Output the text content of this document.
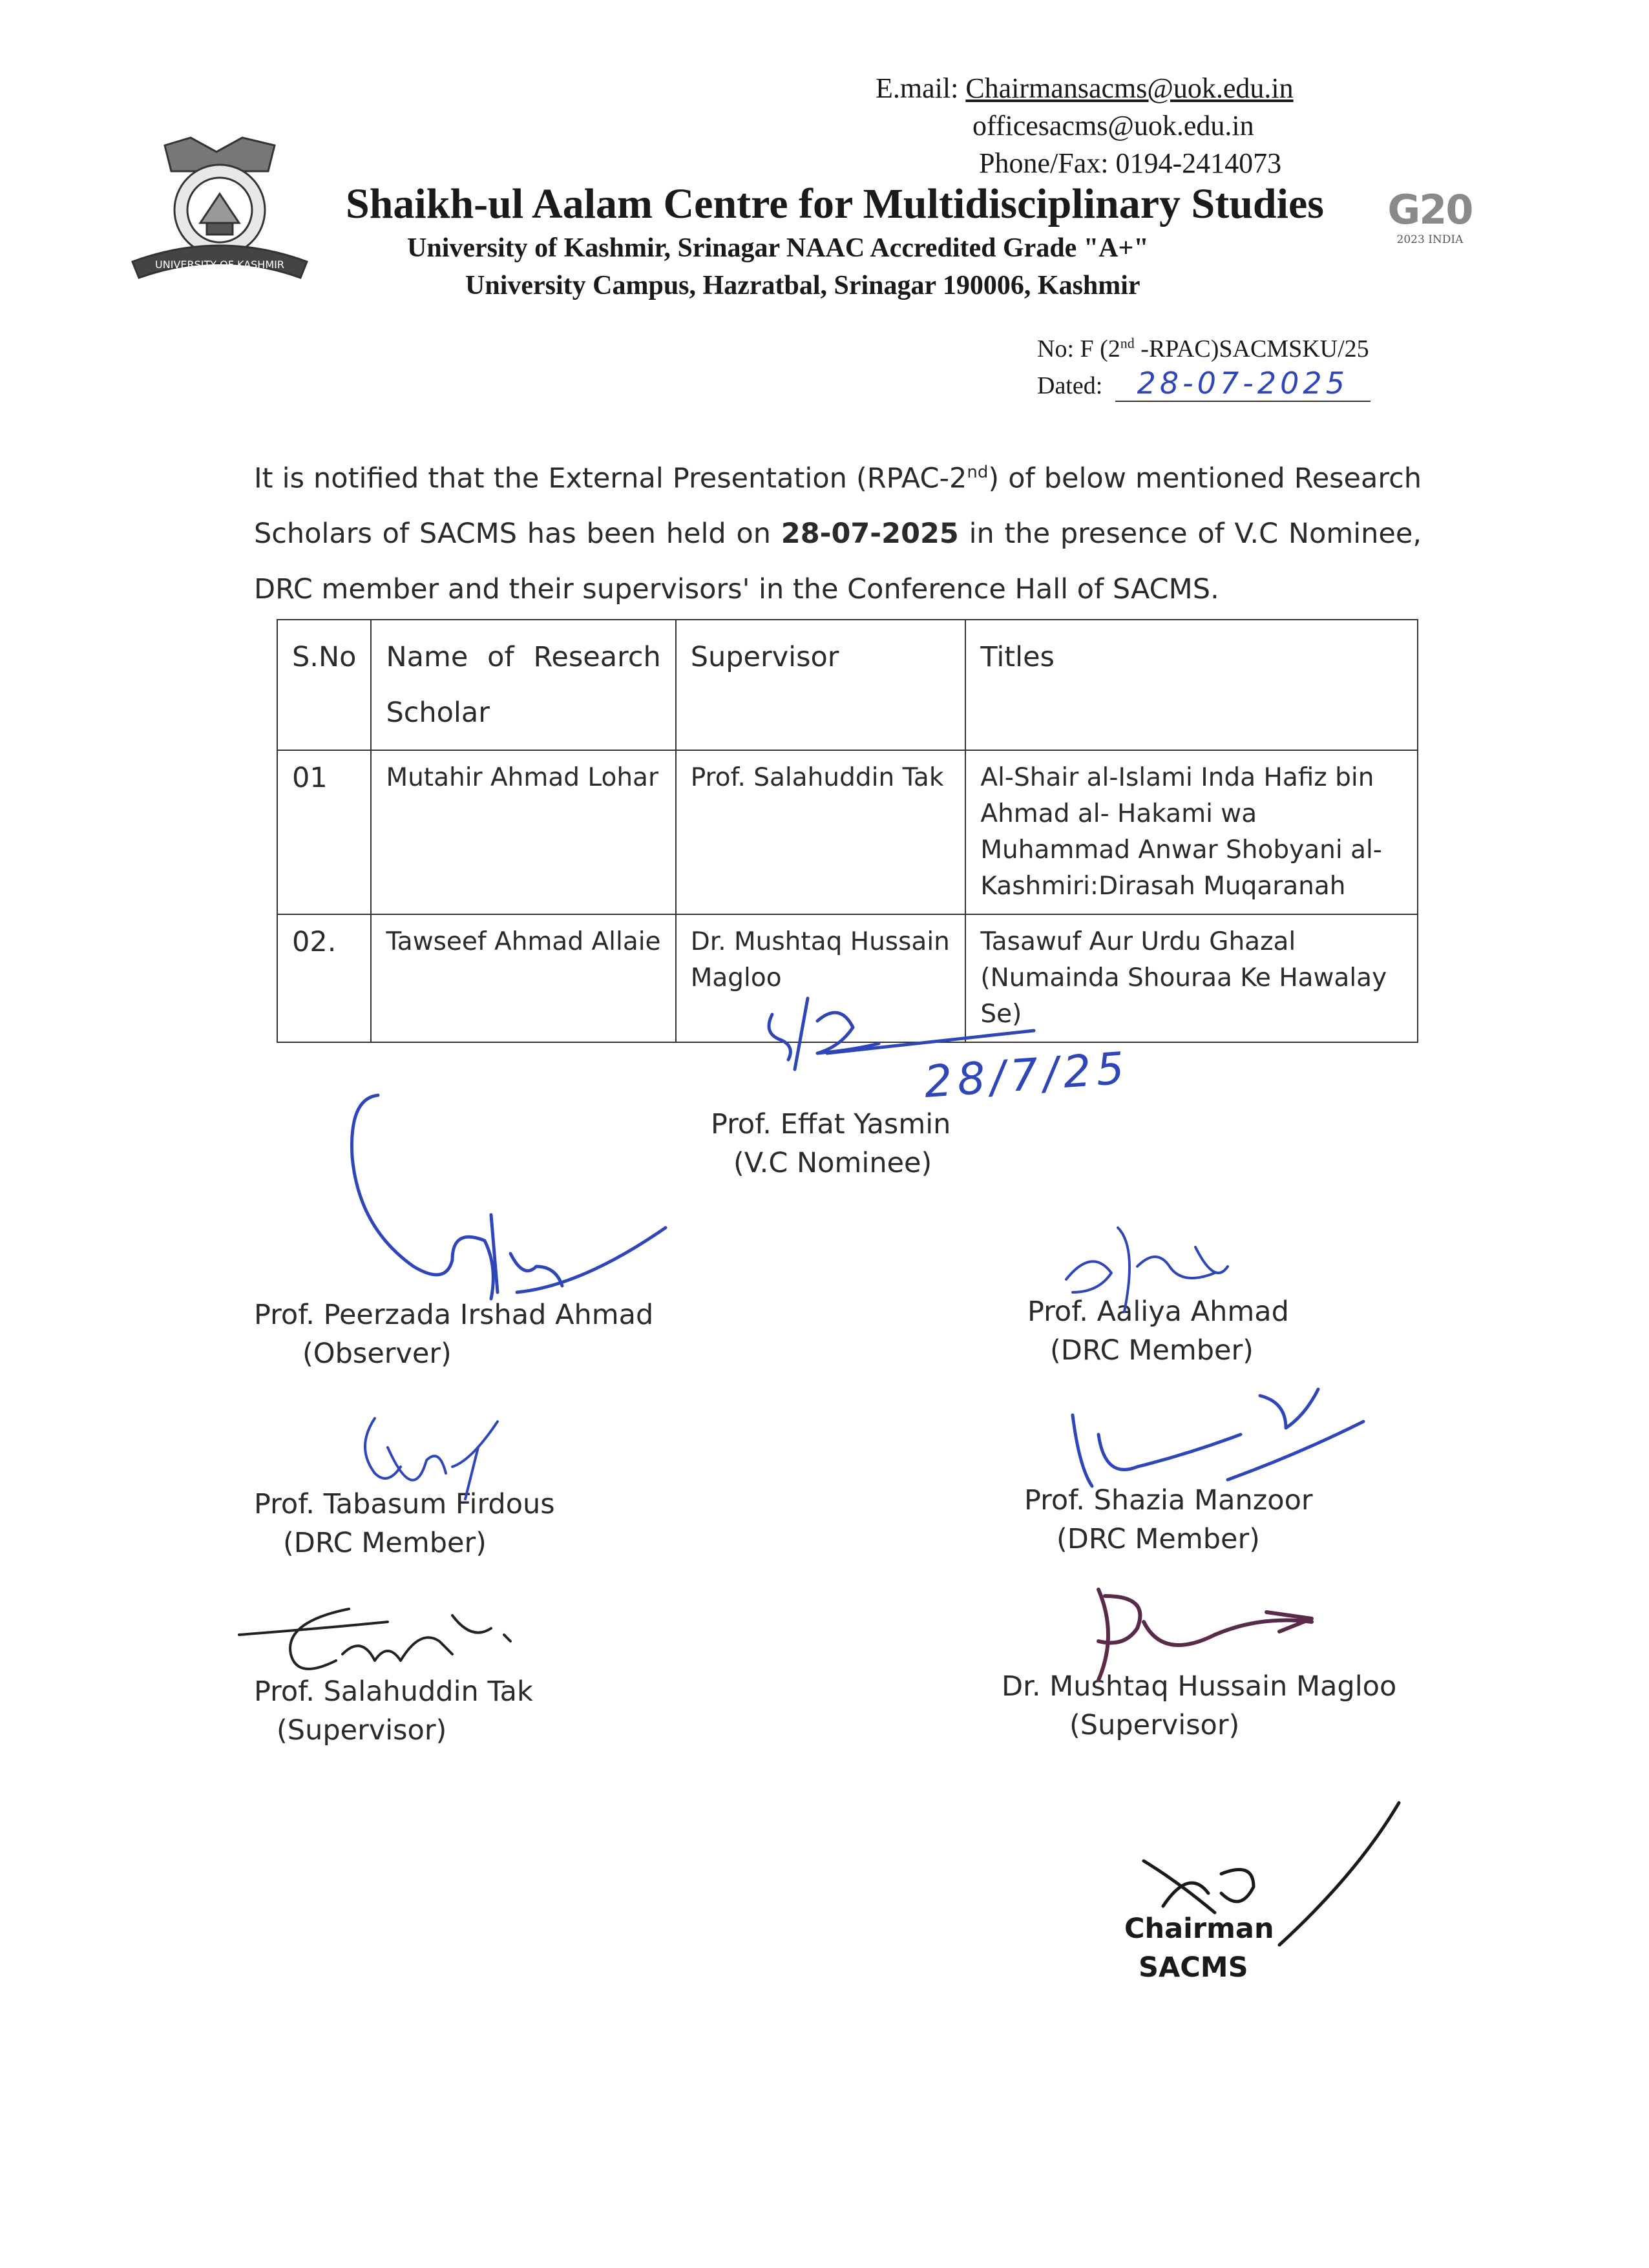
E.mail: Chairmansacms@uok.edu.in
officesacms@uok.edu.in
Phone/Fax: 0194-2414073
UNIVERSITY OF KASHMIR
Shaikh-ul Aalam Centre for Multidisciplinary Studies
University of Kashmir, Srinagar NAAC Accredited Grade "A+"
University Campus, Hazratbal, Srinagar 190006, Kashmir
G20
2023 INDIA
No: F (2nd -RPAC)SACMSKU/25
Dated: 28-07-2025
It is notified that the External Presentation (RPAC-2nd) of below mentioned Research Scholars of SACMS has been held on 28-07-2025 in the presence of V.C Nominee, DRC member and their supervisors' in the Conference Hall of SACMS.
S.No	Name of Research Scholar	Supervisor	Titles
01	Mutahir Ahmad Lohar	Prof. Salahuddin Tak	Al-Shair al-Islami Inda Hafiz bin Ahmad al- Hakami wa Muhammad Anwar Shobyani al-Kashmiri:Dirasah Muqaranah
02.	Tawseef Ahmad Allaie	Dr. Mushtaq Hussain Magloo	Tasawuf Aur Urdu Ghazal (Numainda Shouraa Ke Hawalay Se)
Prof. Effat Yasmin
(V.C Nominee)
Prof. Peerzada Irshad Ahmad
(Observer)
Prof. Aaliya Ahmad
(DRC Member)
Prof. Tabasum Firdous
(DRC Member)
Prof. Shazia Manzoor
(DRC Member)
Prof. Salahuddin Tak
(Supervisor)
Dr. Mushtaq Hussain Magloo
(Supervisor)
Chairman
SACMS
28/7/25
